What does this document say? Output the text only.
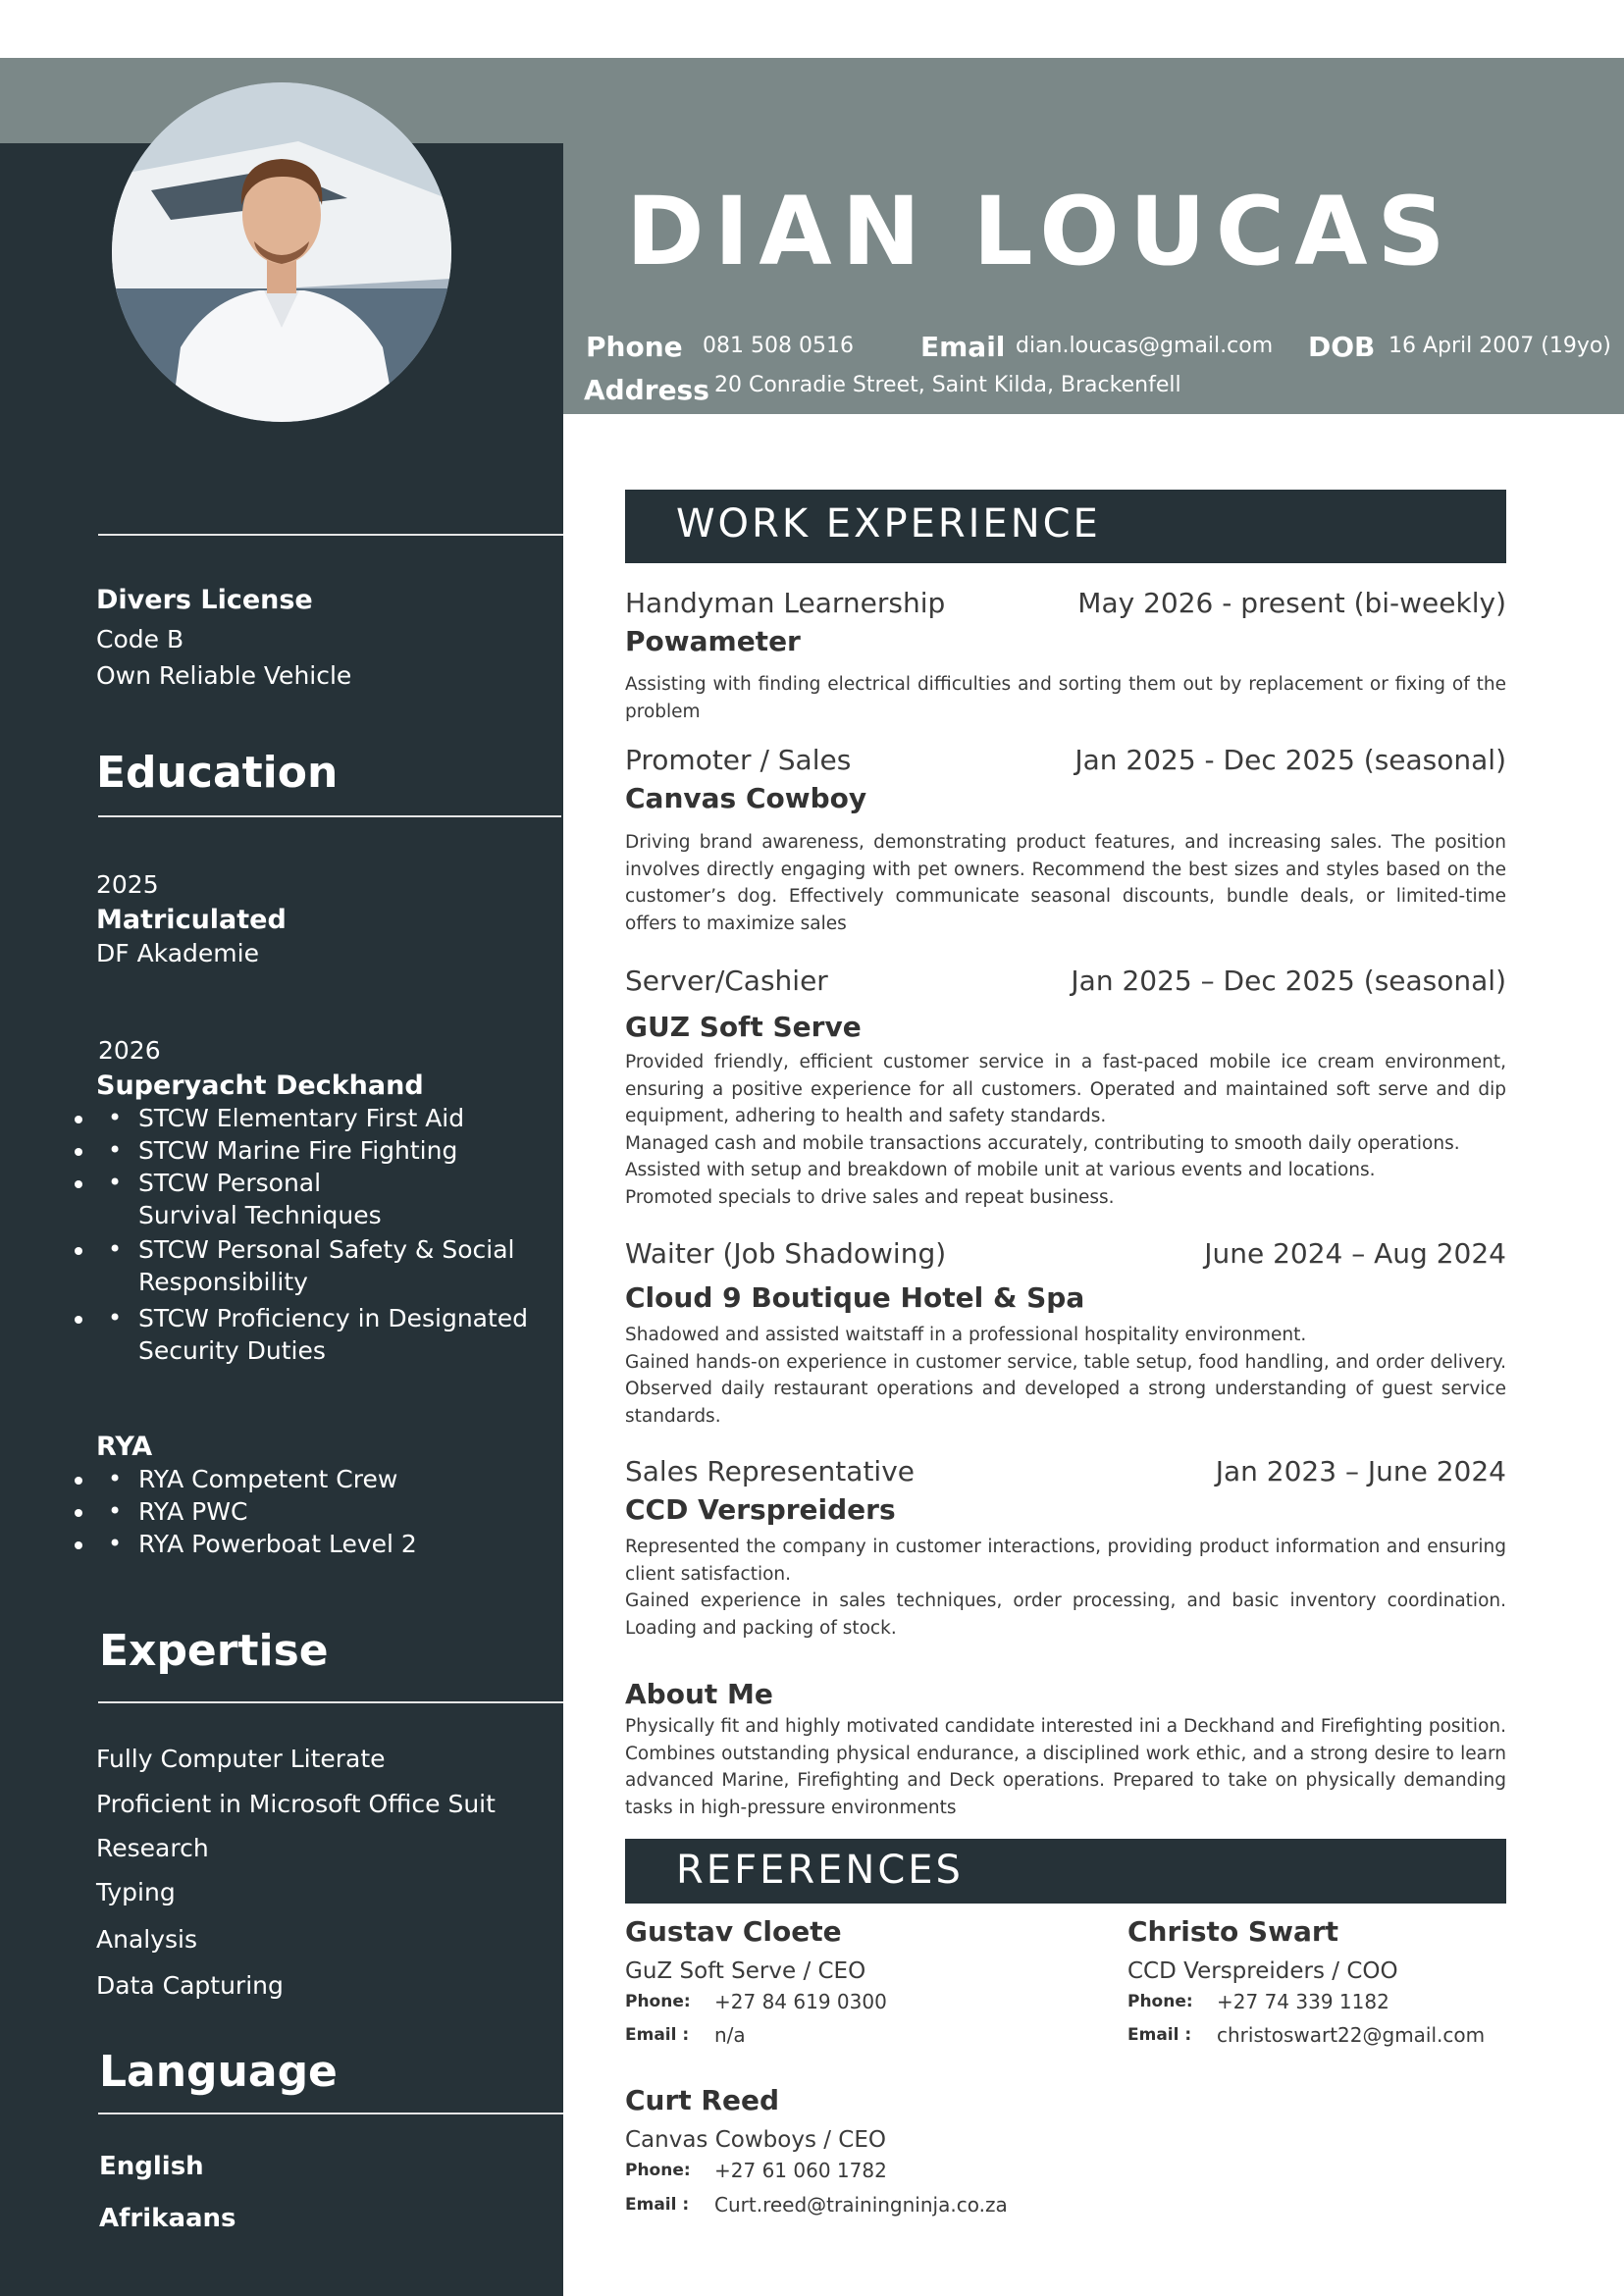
DIAN LOUCAS
Phone 081 508 0516 Email dian.loucas@gmail.com DOB 16 April 2007 (19yo)
Address 20 Conradie Street, Saint Kilda, Brackenfell
Divers License
Code B
Own Reliable Vehicle
Education
2025
Matriculated
DF Akademie
2026
Superyacht Deckhand
• • STCW Elementary First Aid
• • STCW Marine Fire Fighting
• • STCW Personal Survival Techniques
• • STCW Personal Safety & Social Responsibility
• • STCW Proficiency in Designated Security Duties
RYA
• • RYA Competent Crew
• • RYA PWC
• • RYA Powerboat Level 2
Expertise
Fully Computer Literate
Proficient in Microsoft Office Suit
Research
Typing
Analysis
Data Capturing
Language
English
Afrikaans
WORK EXPERIENCE
Handyman Learnership	May 2026 - present (bi-weekly)
Powameter

Assisting with finding electrical difficulties and sorting them out by replacement or fixing of the problem

Promoter / Sales	Jan 2025 - Dec 2025 (seasonal)
Canvas Cowboy

Driving brand awareness, demonstrating product features, and increasing sales. The position involves directly engaging with pet owners. Recommend the best sizes and styles based on the customer’s dog. Effectively communicate seasonal discounts, bundle deals, or limited-time offers to maximize sales

Server/Cashier	Jan 2025 – Dec 2025 (seasonal)
GUZ Soft Serve

Provided friendly, efficient customer service in a fast-paced mobile ice cream environment, ensuring a positive experience for all customers. Operated and maintained soft serve and dip equipment, adhering to health and safety standards.

Managed cash and mobile transactions accurately, contributing to smooth daily operations.

Assisted with setup and breakdown of mobile unit at various events and locations.

Promoted specials to drive sales and repeat business.

Waiter (Job Shadowing)	June 2024 – Aug 2024
Cloud 9 Boutique Hotel & Spa

Shadowed and assisted waitstaff in a professional hospitality environment.

Gained hands-on experience in customer service, table setup, food handling, and order delivery. Observed daily restaurant operations and developed a strong understanding of guest service standards.

Sales Representative	Jan 2023 – June 2024
CCD Verspreiders

Represented the company in customer interactions, providing product information and ensuring client satisfaction.

Gained experience in sales techniques, order processing, and basic inventory coordination. Loading and packing of stock.

About Me
Physically fit and highly motivated candidate interested ini a Deckhand and Firefighting position. Combines outstanding physical endurance, a disciplined work ethic, and a strong desire to learn advanced Marine, Firefighting and Deck operations. Prepared to take on physically demanding tasks in high-pressure environments
REFERENCES
Gustav Cloete
GuZ Soft Serve / CEO
Phone: +27 84 619 0300
Email : n/a
Christo Swart
CCD Verspreiders / COO
Phone: +27 74 339 1182
Email : christoswart22@gmail.com
Curt Reed
Canvas Cowboys / CEO
Phone: +27 61 060 1782
Email : Curt.reed@trainingninja.co.za
